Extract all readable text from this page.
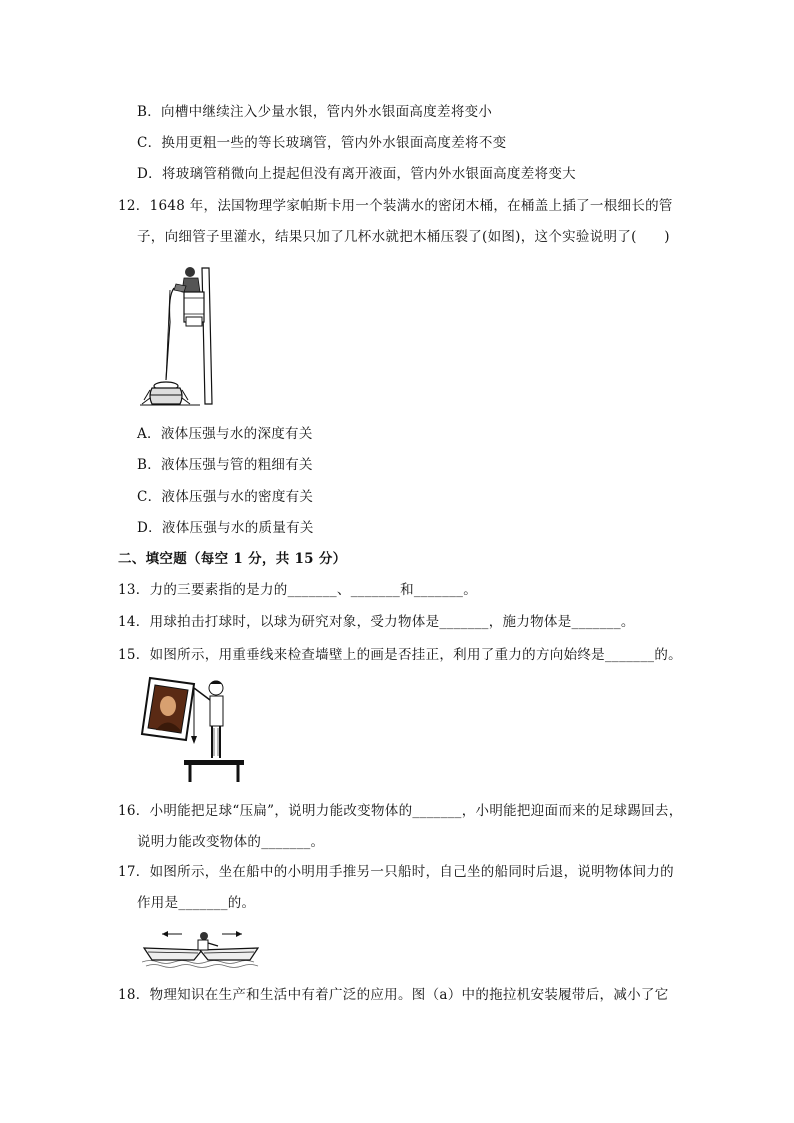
B．向槽中继续注入少量水银，管内外水银面高度差将变小
C．换用更粗一些的等长玻璃管，管内外水银面高度差将不变
D．将玻璃管稍微向上提起但没有离开液面，管内外水银面高度差将变大
12．1648 年，法国物理学家帕斯卡用一个装满水的密闭木桶，在桶盖上插了一根细长的管
子，向细管子里灌水，结果只加了几杯水就把木桶压裂了(如图)，这个实验说明了(　　)
A．液体压强与水的深度有关
B．液体压强与管的粗细有关
C．液体压强与水的密度有关
D．液体压强与水的质量有关
二、填空题（每空 1 分，共 15 分）
13．力的三要素指的是力的_______、_______和_______。
14．用球拍击打球时，以球为研究对象，受力物体是_______，施力物体是_______。
15．如图所示，用重垂线来检查墙壁上的画是否挂正，利用了重力的方向始终是_______的。
16．小明能把足球“压扁”，说明力能改变物体的_______，小明能把迎面而来的足球踢回去，
说明力能改变物体的_______。
17．如图所示，坐在船中的小明用手推另一只船时，自己坐的船同时后退，说明物体间力的
作用是_______的。
18．物理知识在生产和生活中有着广泛的应用。图（a）中的拖拉机安装履带后，减小了它
